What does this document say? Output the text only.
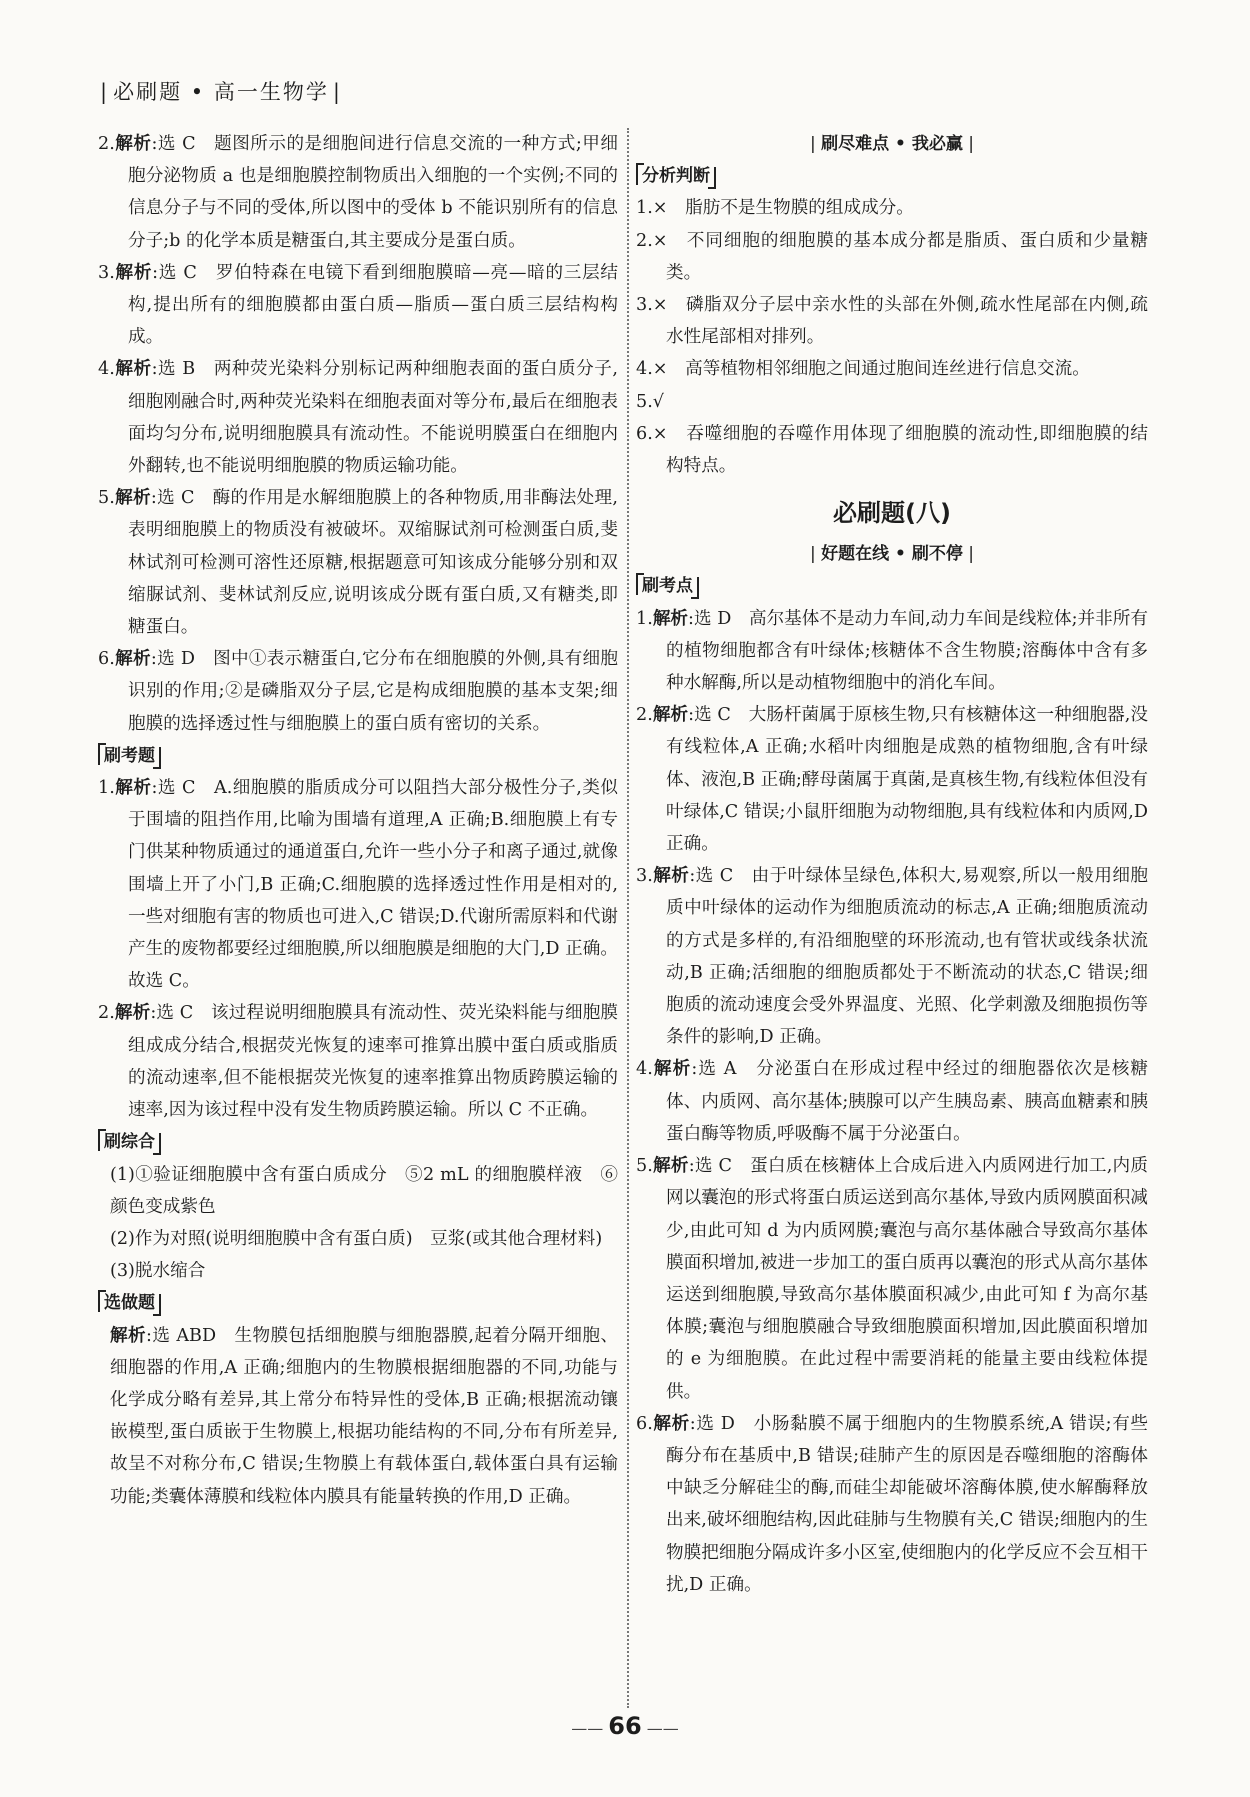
| 必刷题 • 高一生物学 |

2.解析:选 C　题图所示的是细胞间进行信息交流的一种方式;甲细胞分泌物质 a 也是细胞膜控制物质出入细胞的一个实例;不同的信息分子与不同的受体,所以图中的受体 b 不能识别所有的信息分子;b 的化学本质是糖蛋白,其主要成分是蛋白质。

3.解析:选 C　罗伯特森在电镜下看到细胞膜暗—亮—暗的三层结构,提出所有的细胞膜都由蛋白质—脂质—蛋白质三层结构构成。

4.解析:选 B　两种荧光染料分别标记两种细胞表面的蛋白质分子,细胞刚融合时,两种荧光染料在细胞表面对等分布,最后在细胞表面均匀分布,说明细胞膜具有流动性。不能说明膜蛋白在细胞内外翻转,也不能说明细胞膜的物质运输功能。

5.解析:选 C　酶的作用是水解细胞膜上的各种物质,用非酶法处理,表明细胞膜上的物质没有被破坏。双缩脲试剂可检测蛋白质,斐林试剂可检测可溶性还原糖,根据题意可知该成分能够分别和双缩脲试剂、斐林试剂反应,说明该成分既有蛋白质,又有糖类,即糖蛋白。

6.解析:选 D　图中①表示糖蛋白,它分布在细胞膜的外侧,具有细胞识别的作用;②是磷脂双分子层,它是构成细胞膜的基本支架;细胞膜的选择透过性与细胞膜上的蛋白质有密切的关系。

刷考题

1.解析:选 C　A.细胞膜的脂质成分可以阻挡大部分极性分子,类似于围墙的阻挡作用,比喻为围墙有道理,A 正确;B.细胞膜上有专门供某种物质通过的通道蛋白,允许一些小分子和离子通过,就像围墙上开了小门,B 正确;C.细胞膜的选择透过性作用是相对的,一些对细胞有害的物质也可进入,C 错误;D.代谢所需原料和代谢产生的废物都要经过细胞膜,所以细胞膜是细胞的大门,D 正确。故选 C。

2.解析:选 C　该过程说明细胞膜具有流动性、荧光染料能与细胞膜组成成分结合,根据荧光恢复的速率可推算出膜中蛋白质或脂质的流动速率,但不能根据荧光恢复的速率推算出物质跨膜运输的速率,因为该过程中没有发生物质跨膜运输。所以 C 不正确。

刷综合

(1)①验证细胞膜中含有蛋白质成分　⑤2 mL 的细胞膜样液　⑥颜色变成紫色

(2)作为对照(说明细胞膜中含有蛋白质)　豆浆(或其他合理材料)

(3)脱水缩合

选做题

解析:选 ABD　生物膜包括细胞膜与细胞器膜,起着分隔开细胞、细胞器的作用,A 正确;细胞内的生物膜根据细胞器的不同,功能与化学成分略有差异,其上常分布特异性的受体,B 正确;根据流动镶嵌模型,蛋白质嵌于生物膜上,根据功能结构的不同,分布有所差异,故呈不对称分布,C 错误;生物膜上有载体蛋白,载体蛋白具有运输功能;类囊体薄膜和线粒体内膜具有能量转换的作用,D 正确。

| 刷尽难点 • 我必赢 |

分析判断

1.×　脂肪不是生物膜的组成成分。

2.×　不同细胞的细胞膜的基本成分都是脂质、蛋白质和少量糖类。

3.×　磷脂双分子层中亲水性的头部在外侧,疏水性尾部在内侧,疏水性尾部相对排列。

4.×　高等植物相邻细胞之间通过胞间连丝进行信息交流。

5.√

6.×　吞噬细胞的吞噬作用体现了细胞膜的流动性,即细胞膜的结构特点。

必刷题(八)

| 好题在线 • 刷不停 |

刷考点

1.解析:选 D　高尔基体不是动力车间,动力车间是线粒体;并非所有的植物细胞都含有叶绿体;核糖体不含生物膜;溶酶体中含有多种水解酶,所以是动植物细胞中的消化车间。

2.解析:选 C　大肠杆菌属于原核生物,只有核糖体这一种细胞器,没有线粒体,A 正确;水稻叶肉细胞是成熟的植物细胞,含有叶绿体、液泡,B 正确;酵母菌属于真菌,是真核生物,有线粒体但没有叶绿体,C 错误;小鼠肝细胞为动物细胞,具有线粒体和内质网,D 正确。

3.解析:选 C　由于叶绿体呈绿色,体积大,易观察,所以一般用细胞质中叶绿体的运动作为细胞质流动的标志,A 正确;细胞质流动的方式是多样的,有沿细胞壁的环形流动,也有管状或线条状流动,B 正确;活细胞的细胞质都处于不断流动的状态,C 错误;细胞质的流动速度会受外界温度、光照、化学刺激及细胞损伤等条件的影响,D 正确。

4.解析:选 A　分泌蛋白在形成过程中经过的细胞器依次是核糖体、内质网、高尔基体;胰腺可以产生胰岛素、胰高血糖素和胰蛋白酶等物质,呼吸酶不属于分泌蛋白。

5.解析:选 C　蛋白质在核糖体上合成后进入内质网进行加工,内质网以囊泡的形式将蛋白质运送到高尔基体,导致内质网膜面积减少,由此可知 d 为内质网膜;囊泡与高尔基体融合导致高尔基体膜面积增加,被进一步加工的蛋白质再以囊泡的形式从高尔基体运送到细胞膜,导致高尔基体膜面积减少,由此可知 f 为高尔基体膜;囊泡与细胞膜融合导致细胞膜面积增加,因此膜面积增加的 e 为细胞膜。在此过程中需要消耗的能量主要由线粒体提供。

6.解析:选 D　小肠黏膜不属于细胞内的生物膜系统,A 错误;有些酶分布在基质中,B 错误;硅肺产生的原因是吞噬细胞的溶酶体中缺乏分解硅尘的酶,而硅尘却能破坏溶酶体膜,使水解酶释放出来,破坏细胞结构,因此硅肺与生物膜有关,C 错误;细胞内的生物膜把细胞分隔成许多小区室,使细胞内的化学反应不会互相干扰,D 正确。

—— 66 ——
